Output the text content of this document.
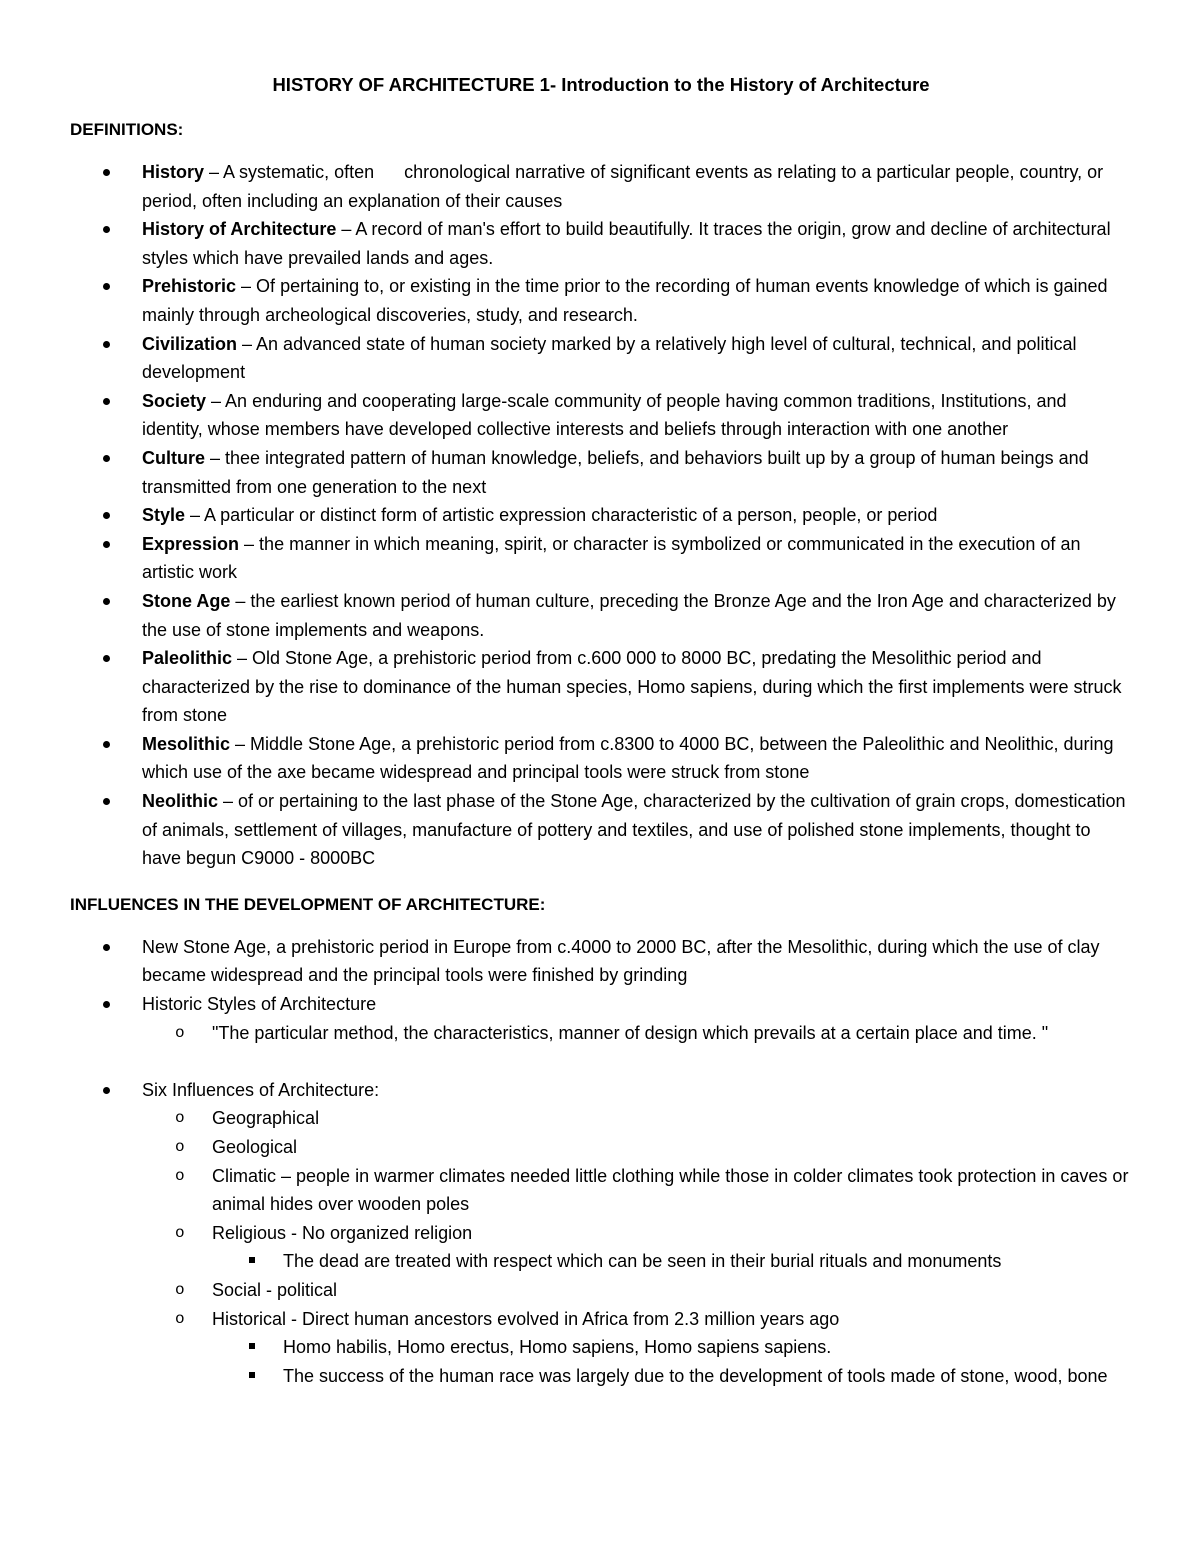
HISTORY OF ARCHITECTURE 1- Introduction to the History of Architecture
DEFINITIONS:
History – A systematic, often      chronological narrative of significant events as relating to a particular people, country, or period, often including an explanation of their causes
History of Architecture – A record of man's effort to build beautifully. It traces the origin, grow and decline of architectural styles which have prevailed lands and ages.
Prehistoric – Of pertaining to, or existing in the time prior to the recording of human events knowledge of which is gained mainly through archeological discoveries, study, and research.
Civilization – An advanced state of human society marked by a relatively high level of cultural, technical, and political development
Society – An enduring and cooperating large-scale community of people having common traditions, Institutions, and identity, whose members have developed collective interests and beliefs through interaction with one another
Culture – thee integrated pattern of human knowledge, beliefs, and behaviors built up by a group of human beings and transmitted from one generation to the next
Style – A particular or distinct form of artistic expression characteristic of a person, people, or period
Expression – the manner in which meaning, spirit, or character is symbolized or communicated in the execution of an artistic work
Stone Age – the earliest known period of human culture, preceding the Bronze Age and the Iron Age and characterized by the use of stone implements and weapons.
Paleolithic – Old Stone Age, a prehistoric period from c.600 000 to 8000 BC, predating the Mesolithic period and characterized by the rise to dominance of the human species, Homo sapiens, during which the first implements were struck from stone
Mesolithic – Middle Stone Age, a prehistoric period from c.8300 to 4000 BC, between the Paleolithic and Neolithic, during which use of the axe became widespread and principal tools were struck from stone
Neolithic – of or pertaining to the last phase of the Stone Age, characterized by the cultivation of grain crops, domestication of animals, settlement of villages, manufacture of pottery and textiles, and use of polished stone implements, thought to have begun C9000 - 8000BC
INFLUENCES IN THE DEVELOPMENT OF ARCHITECTURE:
New Stone Age, a prehistoric period in Europe from c.4000 to 2000 BC, after the Mesolithic, during which the use of clay became widespread and the principal tools were finished by grinding
Historic Styles of Architecture
o "The particular method, the characteristics, manner of design which prevails at a certain place and time. "
Six Influences of Architecture:
o Geographical
o Geological
o Climatic – people in warmer climates needed little clothing while those in colder climates took protection in caves or animal hides over wooden poles
o Religious - No organized religion
The dead are treated with respect which can be seen in their burial rituals and monuments
o Social - political
o Historical - Direct human ancestors evolved in Africa from 2.3 million years ago
Homo habilis, Homo erectus, Homo sapiens, Homo sapiens sapiens.
The success of the human race was largely due to the development of tools made of stone, wood, bone
